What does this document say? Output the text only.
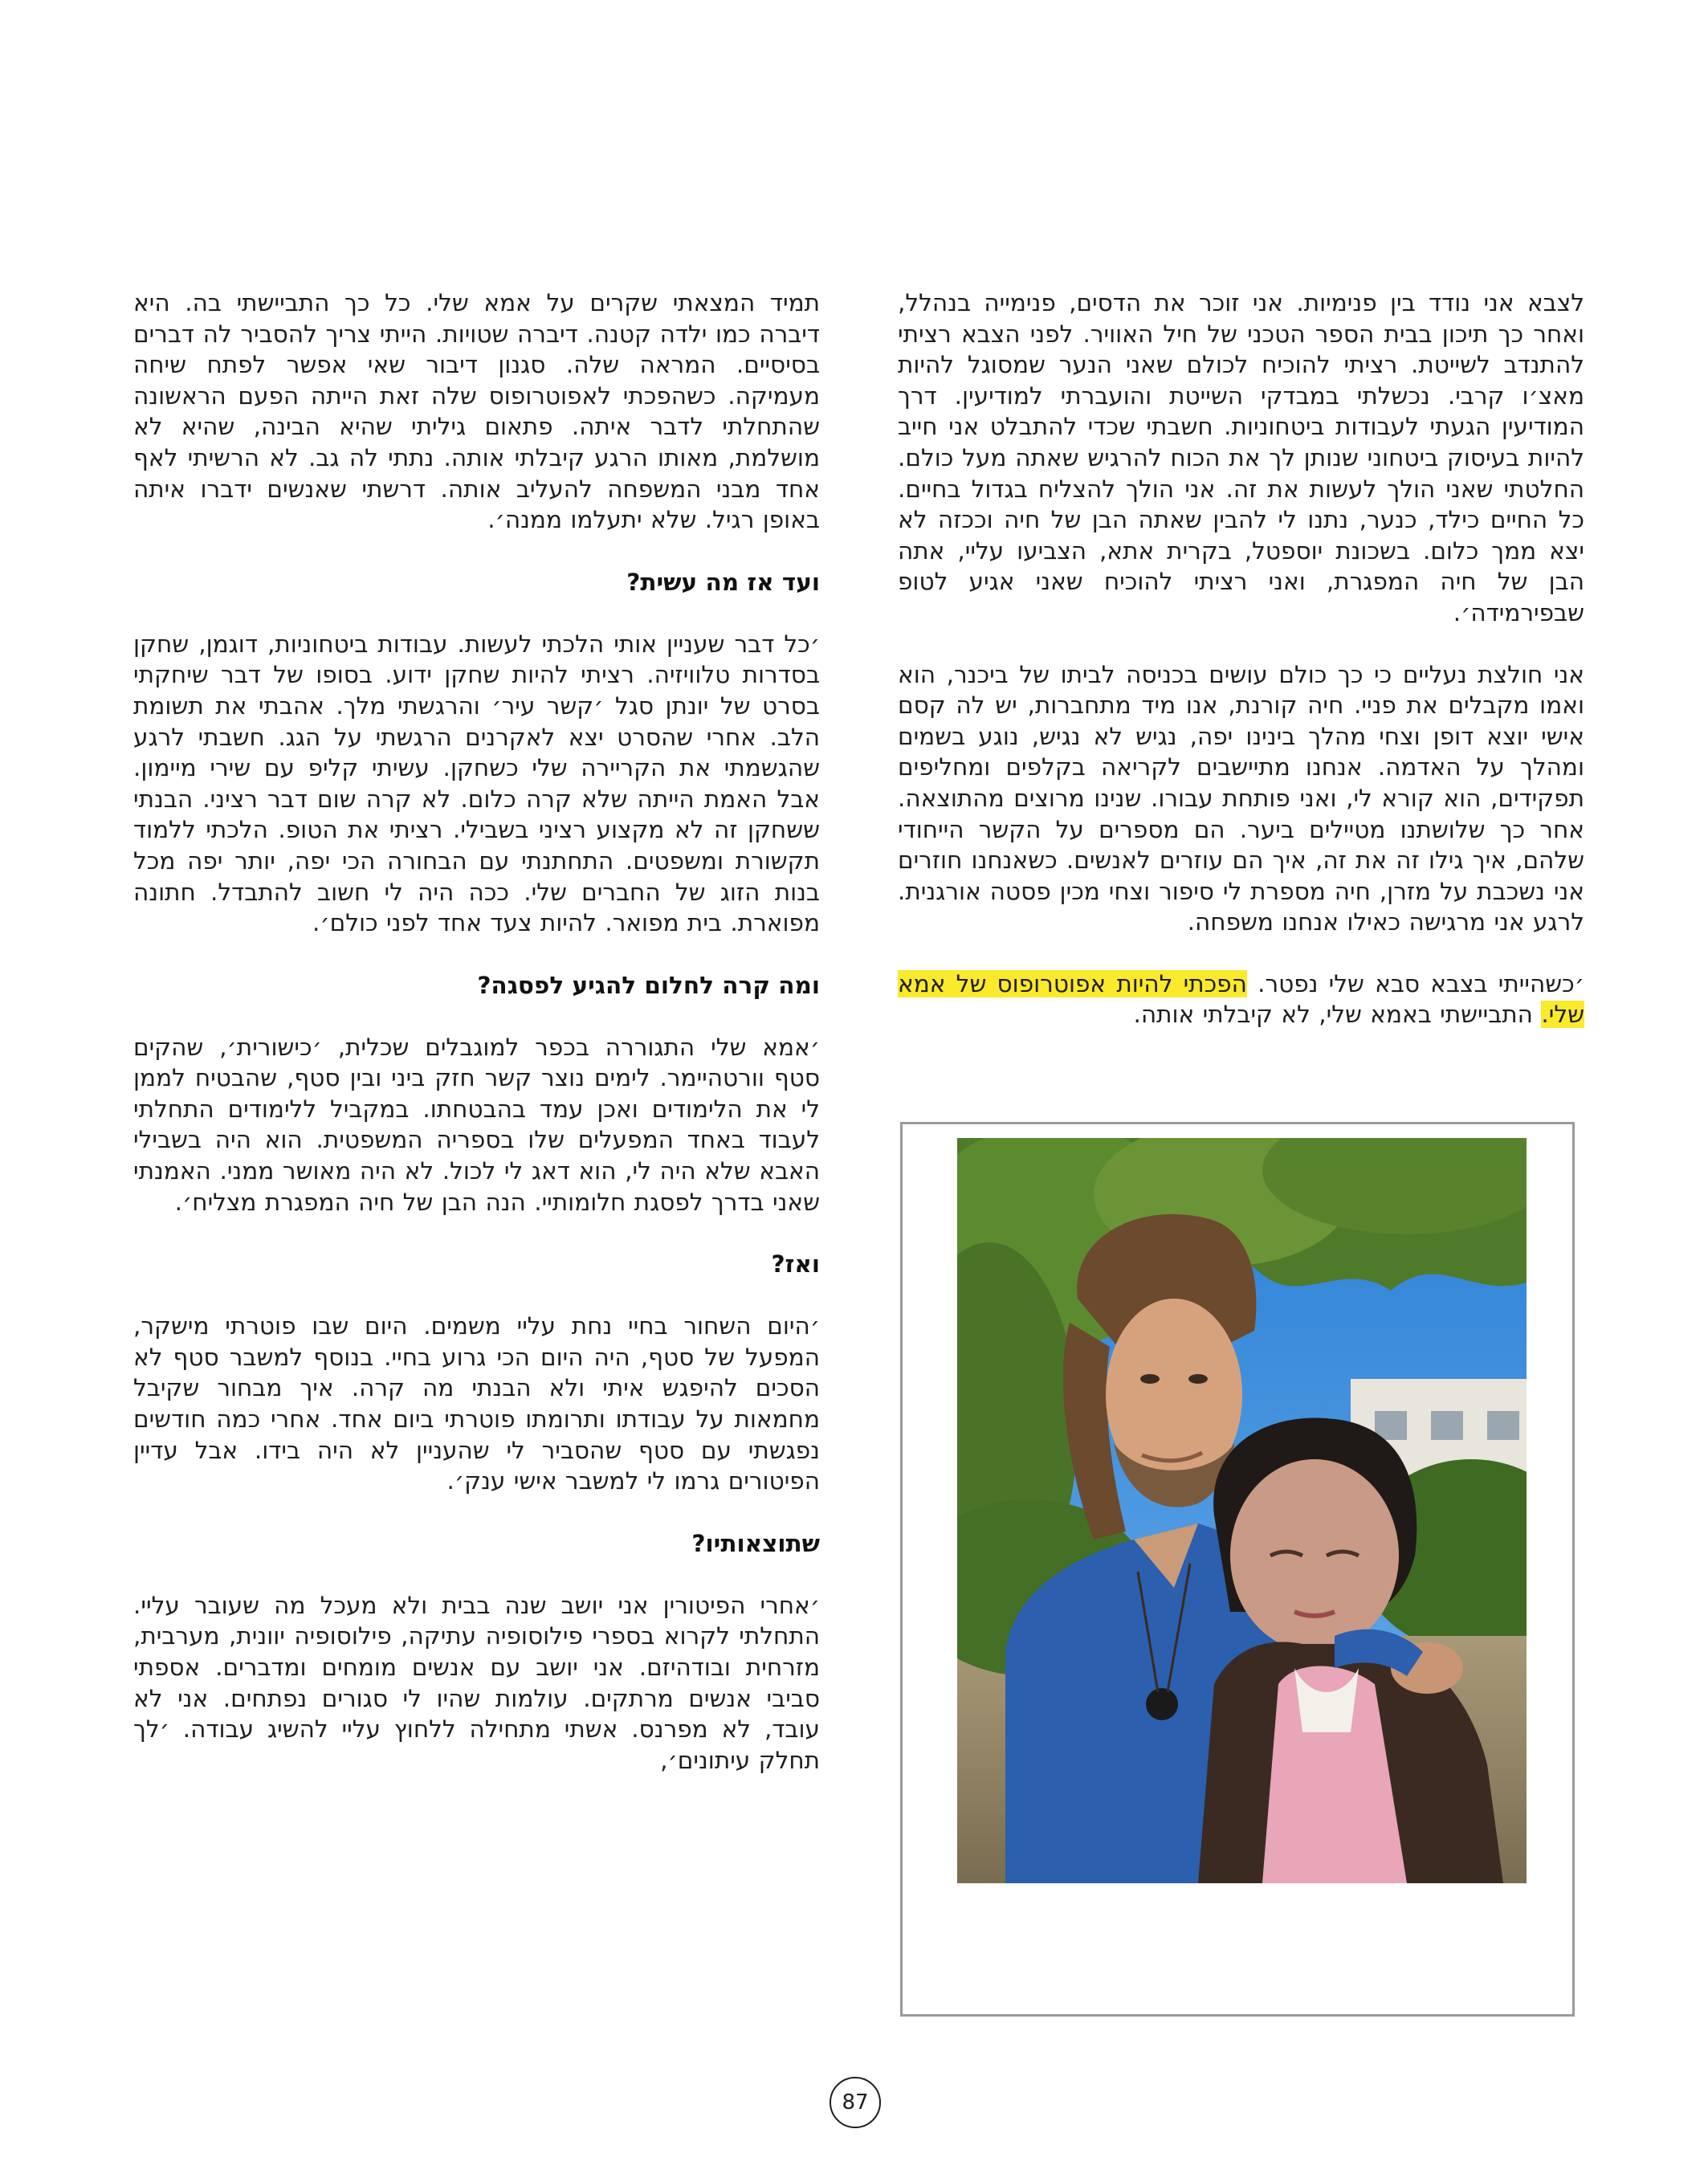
לצבא אני נודד בין פנימיות. אני זוכר את הדסים, פנימייה בנהלל, ואחר כך תיכון בבית הספר הטכני של חיל האוויר. לפני הצבא רציתי להתנדב לשייטת. רציתי להוכיח לכולם שאני הנער שמסוגל להיות מאצ׳ו קרבי. נכשלתי במבדקי השייטת והועברתי למודיעין. דרך המודיעין הגעתי לעבודות ביטחוניות. חשבתי שכדי להתבלט אני חייב להיות בעיסוק ביטחוני שנותן לך את הכוח להרגיש שאתה מעל כולם. החלטתי שאני הולך לעשות את זה. אני הולך להצליח בגדול בחיים. כל החיים כילד, כנער, נתנו לי להבין שאתה הבן של חיה וככזה לא יצא ממך כלום. בשכונת יוספטל, בקרית אתא, הצביעו עליי, אתה הבן של חיה המפגרת, ואני רציתי להוכיח שאני אגיע לטופ שבפירמידה׳.

אני חולצת נעליים כי כך כולם עושים בכניסה לביתו של ביכנר, הוא ואמו מקבלים את פניי. חיה קורנת, אנו מיד מתחברות, יש לה קסם אישי יוצא דופן וצחי מהלך בינינו יפה, נגיש לא נגיש, נוגע בשמים ומהלך על האדמה. אנחנו מתיישבים לקריאה בקלפים ומחליפים תפקידים, הוא קורא לי, ואני פותחת עבורו. שנינו מרוצים מהתוצאה. אחר כך שלושתנו מטיילים ביער. הם מספרים על הקשר הייחודי שלהם, איך גילו זה את זה, איך הם עוזרים לאנשים. כשאנחנו חוזרים אני נשכבת על מזרן, חיה מספרת לי סיפור וצחי מכין פסטה אורגנית. לרגע אני מרגישה כאילו אנחנו משפחה.

׳כשהייתי בצבא סבא שלי נפטר. הפכתי להיות אפוטרופוס של אמא שלי. התביישתי באמא שלי, לא קיבלתי אותה.

תמיד המצאתי שקרים על אמא שלי. כל כך התביישתי בה. היא דיברה כמו ילדה קטנה. דיברה שטויות. הייתי צריך להסביר לה דברים בסיסיים. המראה שלה. סגנון דיבור שאי אפשר לפתח שיחה מעמיקה. כשהפכתי לאפוטרופוס שלה זאת הייתה הפעם הראשונה שהתחלתי לדבר איתה. פתאום גיליתי שהיא הבינה, שהיא לא מושלמת, מאותו הרגע קיבלתי אותה. נתתי לה גב. לא הרשיתי לאף אחד מבני המשפחה להעליב אותה. דרשתי שאנשים ידברו איתה באופן רגיל. שלא יתעלמו ממנה׳.

ועד אז מה עשית?

׳כל דבר שעניין אותי הלכתי לעשות. עבודות ביטחוניות, דוגמן, שחקן בסדרות טלוויזיה. רציתי להיות שחקן ידוע. בסופו של דבר שיחקתי בסרט של יונתן סגל ׳קשר עיר׳ והרגשתי מלך. אהבתי את תשומת הלב. אחרי שהסרט יצא לאקרנים הרגשתי על הגג. חשבתי לרגע שהגשמתי את הקריירה שלי כשחקן. עשיתי קליפ עם שירי מיימון. אבל האמת הייתה שלא קרה כלום. לא קרה שום דבר רציני. הבנתי ששחקן זה לא מקצוע רציני בשבילי. רציתי את הטופ. הלכתי ללמוד תקשורת ומשפטים. התחתנתי עם הבחורה הכי יפה, יותר יפה מכל בנות הזוג של החברים שלי. ככה היה לי חשוב להתבדל. חתונה מפוארת. בית מפואר. להיות צעד אחד לפני כולם׳.

ומה קרה לחלום להגיע לפסגה?

׳אמא שלי התגוררה בכפר למוגבלים שכלית, ׳כישורית׳, שהקים סטף וורטהיימר. לימים נוצר קשר חזק ביני ובין סטף, שהבטיח לממן לי את הלימודים ואכן עמד בהבטחתו. במקביל ללימודים התחלתי לעבוד באחד המפעלים שלו בספריה המשפטית. הוא היה בשבילי האבא שלא היה לי, הוא דאג לי לכול. לא היה מאושר ממני. האמנתי שאני בדרך לפסגת חלומותיי. הנה הבן של חיה המפגרת מצליח׳.

ואז?

׳היום השחור בחיי נחת עליי משמים. היום שבו פוטרתי מישקר, המפעל של סטף, היה היום הכי גרוע בחיי. בנוסף למשבר סטף לא הסכים להיפגש איתי ולא הבנתי מה קרה. איך מבחור שקיבל מחמאות על עבודתו ותרומתו פוטרתי ביום אחד. אחרי כמה חודשים נפגשתי עם סטף שהסביר לי שהעניין לא היה בידו. אבל עדיין הפיטורים גרמו לי למשבר אישי ענק׳.

שתוצאותיו?

׳אחרי הפיטורין אני יושב שנה בבית ולא מעכל מה שעובר עליי. התחלתי לקרוא בספרי פילוסופיה עתיקה, פילוסופיה יוונית, מערבית, מזרחית ובודהיזם. אני יושב עם אנשים מומחים ומדברים. אספתי סביבי אנשים מרתקים. עולמות שהיו לי סגורים נפתחים. אני לא עובד, לא מפרנס. אשתי מתחילה ללחוץ עליי להשיג עבודה. ׳לך תחלק עיתונים׳,

87
